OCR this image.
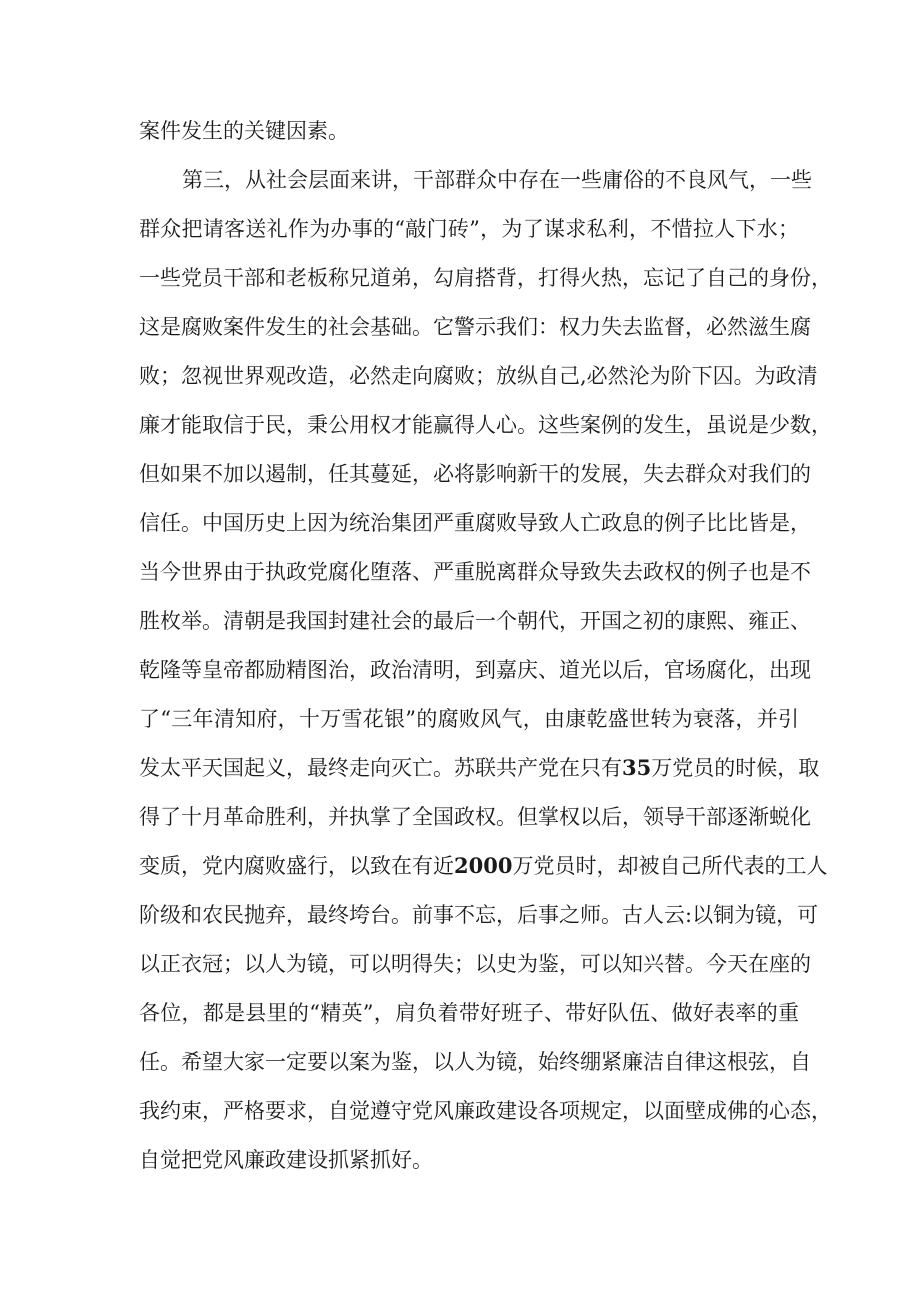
案件发生的关键因素。
第三，从社会层面来讲，干部群众中存在一些庸俗的不良风气，一些
群众把请客送礼作为办事的“敲门砖”，为了谋求私利，不惜拉人下水；
一些党员干部和老板称兄道弟，勾肩搭背，打得火热，忘记了自己的身份，
这是腐败案件发生的社会基础。它警示我们：权力失去监督，必然滋生腐
败；忽视世界观改造，必然走向腐败；放纵自己,必然沦为阶下囚。为政清
廉才能取信于民，秉公用权才能赢得人心。这些案例的发生，虽说是少数，
但如果不加以遏制，任其蔓延，必将影响新干的发展，失去群众对我们的
信任。中国历史上因为统治集团严重腐败导致人亡政息的例子比比皆是，
当今世界由于执政党腐化堕落、严重脱离群众导致失去政权的例子也是不
胜枚举。清朝是我国封建社会的最后一个朝代，开国之初的康熙、雍正、
乾隆等皇帝都励精图治，政治清明，到嘉庆、道光以后，官场腐化，出现
了“三年清知府，十万雪花银”的腐败风气，由康乾盛世转为衰落，并引
发太平天国起义，最终走向灭亡。苏联共产党在只有35万党员的时候，取
得了十月革命胜利，并执掌了全国政权。但掌权以后，领导干部逐渐蜕化
变质，党内腐败盛行，以致在有近2000万党员时，却被自己所代表的工人
阶级和农民抛弃，最终垮台。前事不忘，后事之师。古人云:以铜为镜，可
以正衣冠；以人为镜，可以明得失；以史为鉴，可以知兴替。今天在座的
各位，都是县里的“精英”，肩负着带好班子、带好队伍、做好表率的重
任。希望大家一定要以案为鉴，以人为镜，始终绷紧廉洁自律这根弦，自
我约束，严格要求，自觉遵守党风廉政建设各项规定，以面壁成佛的心态，
自觉把党风廉政建设抓紧抓好。
